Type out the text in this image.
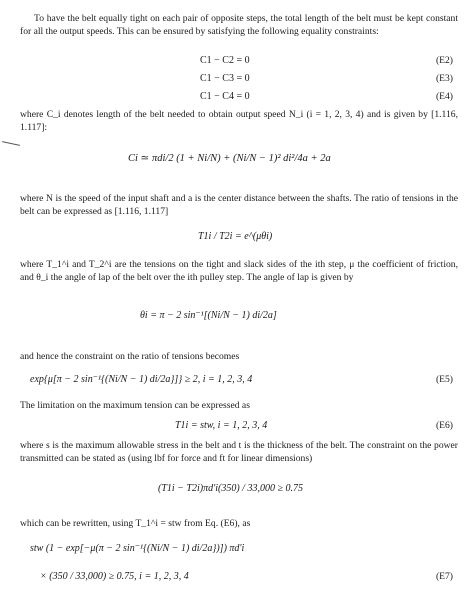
To have the belt equally tight on each pair of opposite steps, the total length of the belt must be kept constant for all the output speeds. This can be ensured by satisfying the following equality constraints:

C1 − C2 = 0	(E2)
C1 − C3 = 0	(E3)
C1 − C4 = 0	(E4)

where C_i denotes length of the belt needed to obtain output speed N_i (i = 1, 2, 3, 4) and is given by [1.116, 1.117]:

Ci ≃ πdi/2 (1 + Ni/N) + (Ni/N − 1)² di²/4a + 2a

where N is the speed of the input shaft and a is the center distance between the shafts. The ratio of tensions in the belt can be expressed as [1.116, 1.117]

T1i / T2i = e^(μθi)

where T_1^i and T_2^i are the tensions on the tight and slack sides of the ith step, μ the coefficient of friction, and θ_i the angle of lap of the belt over the ith pulley step. The angle of lap is given by

θi = π − 2 sin⁻¹[(Ni/N − 1) di/2a]

and hence the constraint on the ratio of tensions becomes

exp{μ[π − 2 sin⁻¹{(Ni/N − 1) di/2a}]} ≥ 2, i = 1, 2, 3, 4	(E5)

The limitation on the maximum tension can be expressed as

T1i = stw, i = 1, 2, 3, 4	(E6)

where s is the maximum allowable stress in the belt and t is the thickness of the belt. The constraint on the power transmitted can be stated as (using lbf for force and ft for linear dimensions)

(T1i − T2i)πd'i(350) / 33,000 ≥ 0.75

which can be rewritten, using T_1^i = stw from Eq. (E6), as

stw (1 − exp[−μ(π − 2 sin⁻¹{(Ni/N − 1) di/2a})]) πd'i
× (350 / 33,000) ≥ 0.75, i = 1, 2, 3, 4	(E7)
